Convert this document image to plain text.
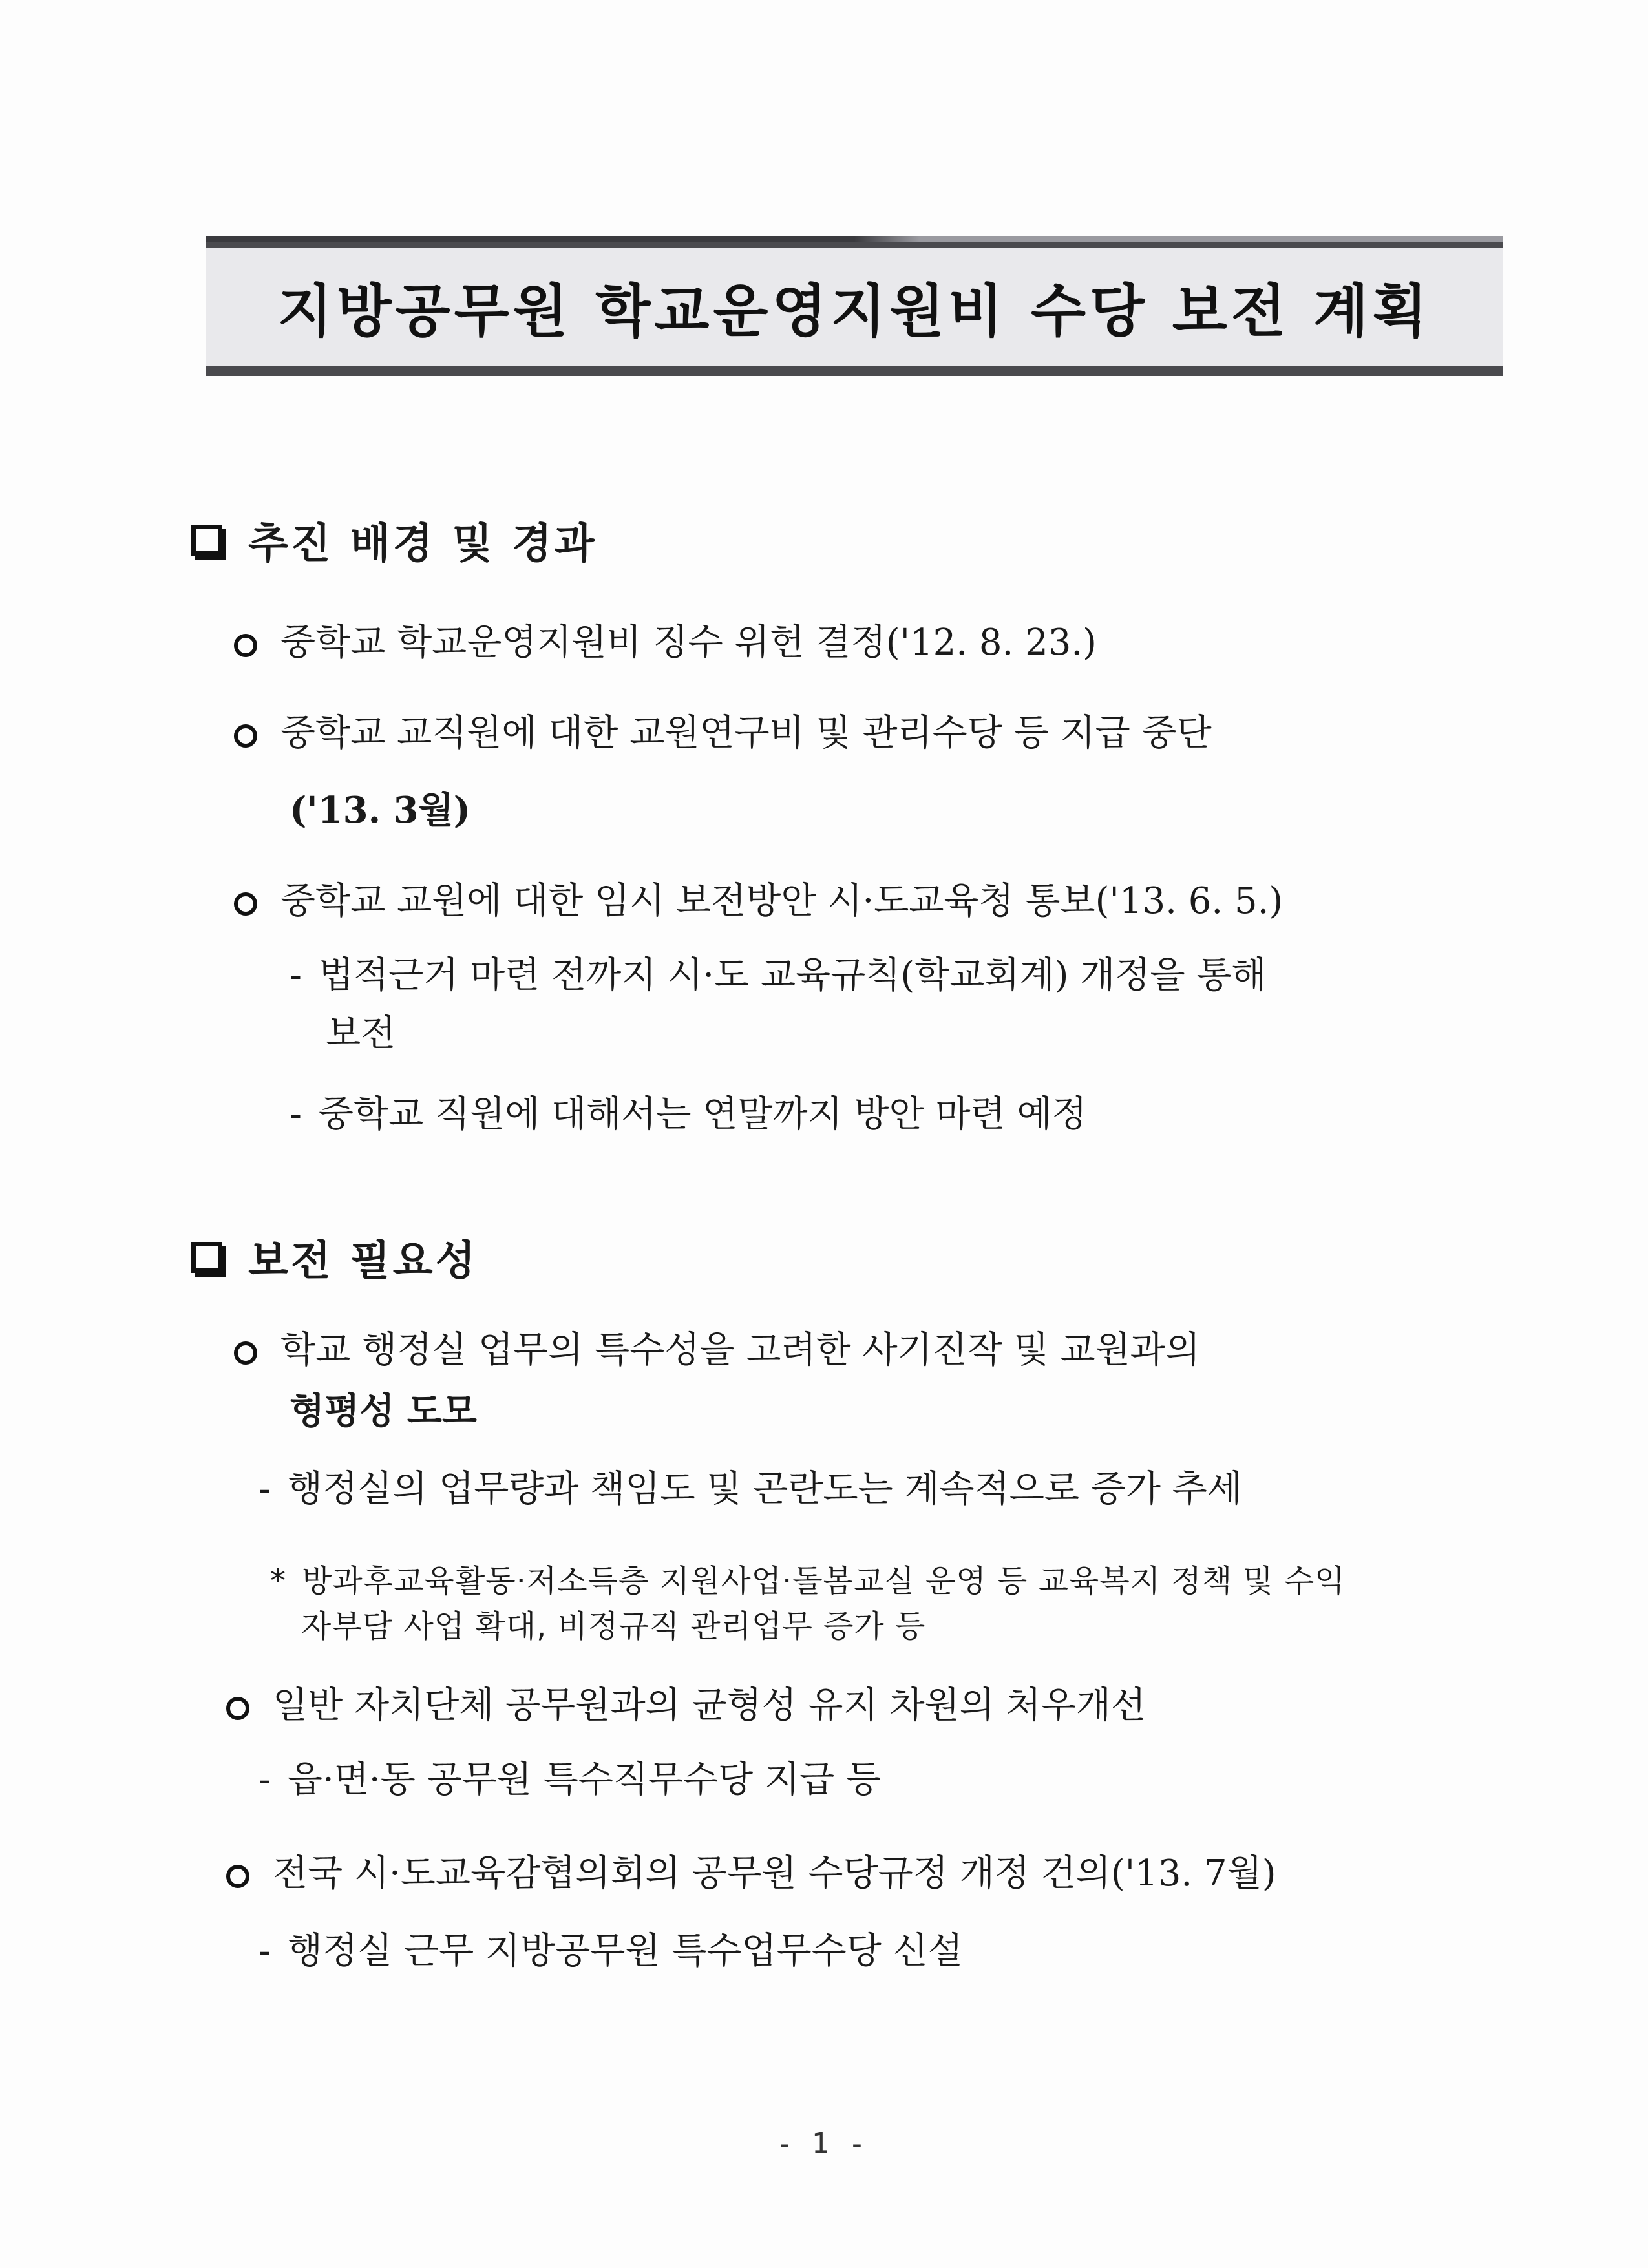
지방공무원 학교운영지원비 수당 보전 계획
추진 배경 및 경과
중학교 학교운영지원비 징수 위헌 결정('12. 8. 23.)
중학교 교직원에 대한 교원연구비 및 관리수당 등 지급 중단
('13. 3월)
중학교 교원에 대한 임시 보전방안 시·도교육청 통보('13. 6. 5.)
- 법적근거 마련 전까지 시·도 교육규칙(학교회계) 개정을 통해
보전
- 중학교 직원에 대해서는 연말까지 방안 마련 예정
보전 필요성
학교 행정실 업무의 특수성을 고려한 사기진작 및 교원과의
형평성 도모
- 행정실의 업무량과 책임도 및 곤란도는 계속적으로 증가 추세
* 방과후교육활동·저소득층 지원사업·돌봄교실 운영 등 교육복지 정책 및 수익
자부담 사업 확대, 비정규직 관리업무 증가 등
일반 자치단체 공무원과의 균형성 유지 차원의 처우개선
- 읍·면·동 공무원 특수직무수당 지급 등
전국 시·도교육감협의회의 공무원 수당규정 개정 건의('13. 7월)
- 행정실 근무 지방공무원 특수업무수당 신설
- 1 -
